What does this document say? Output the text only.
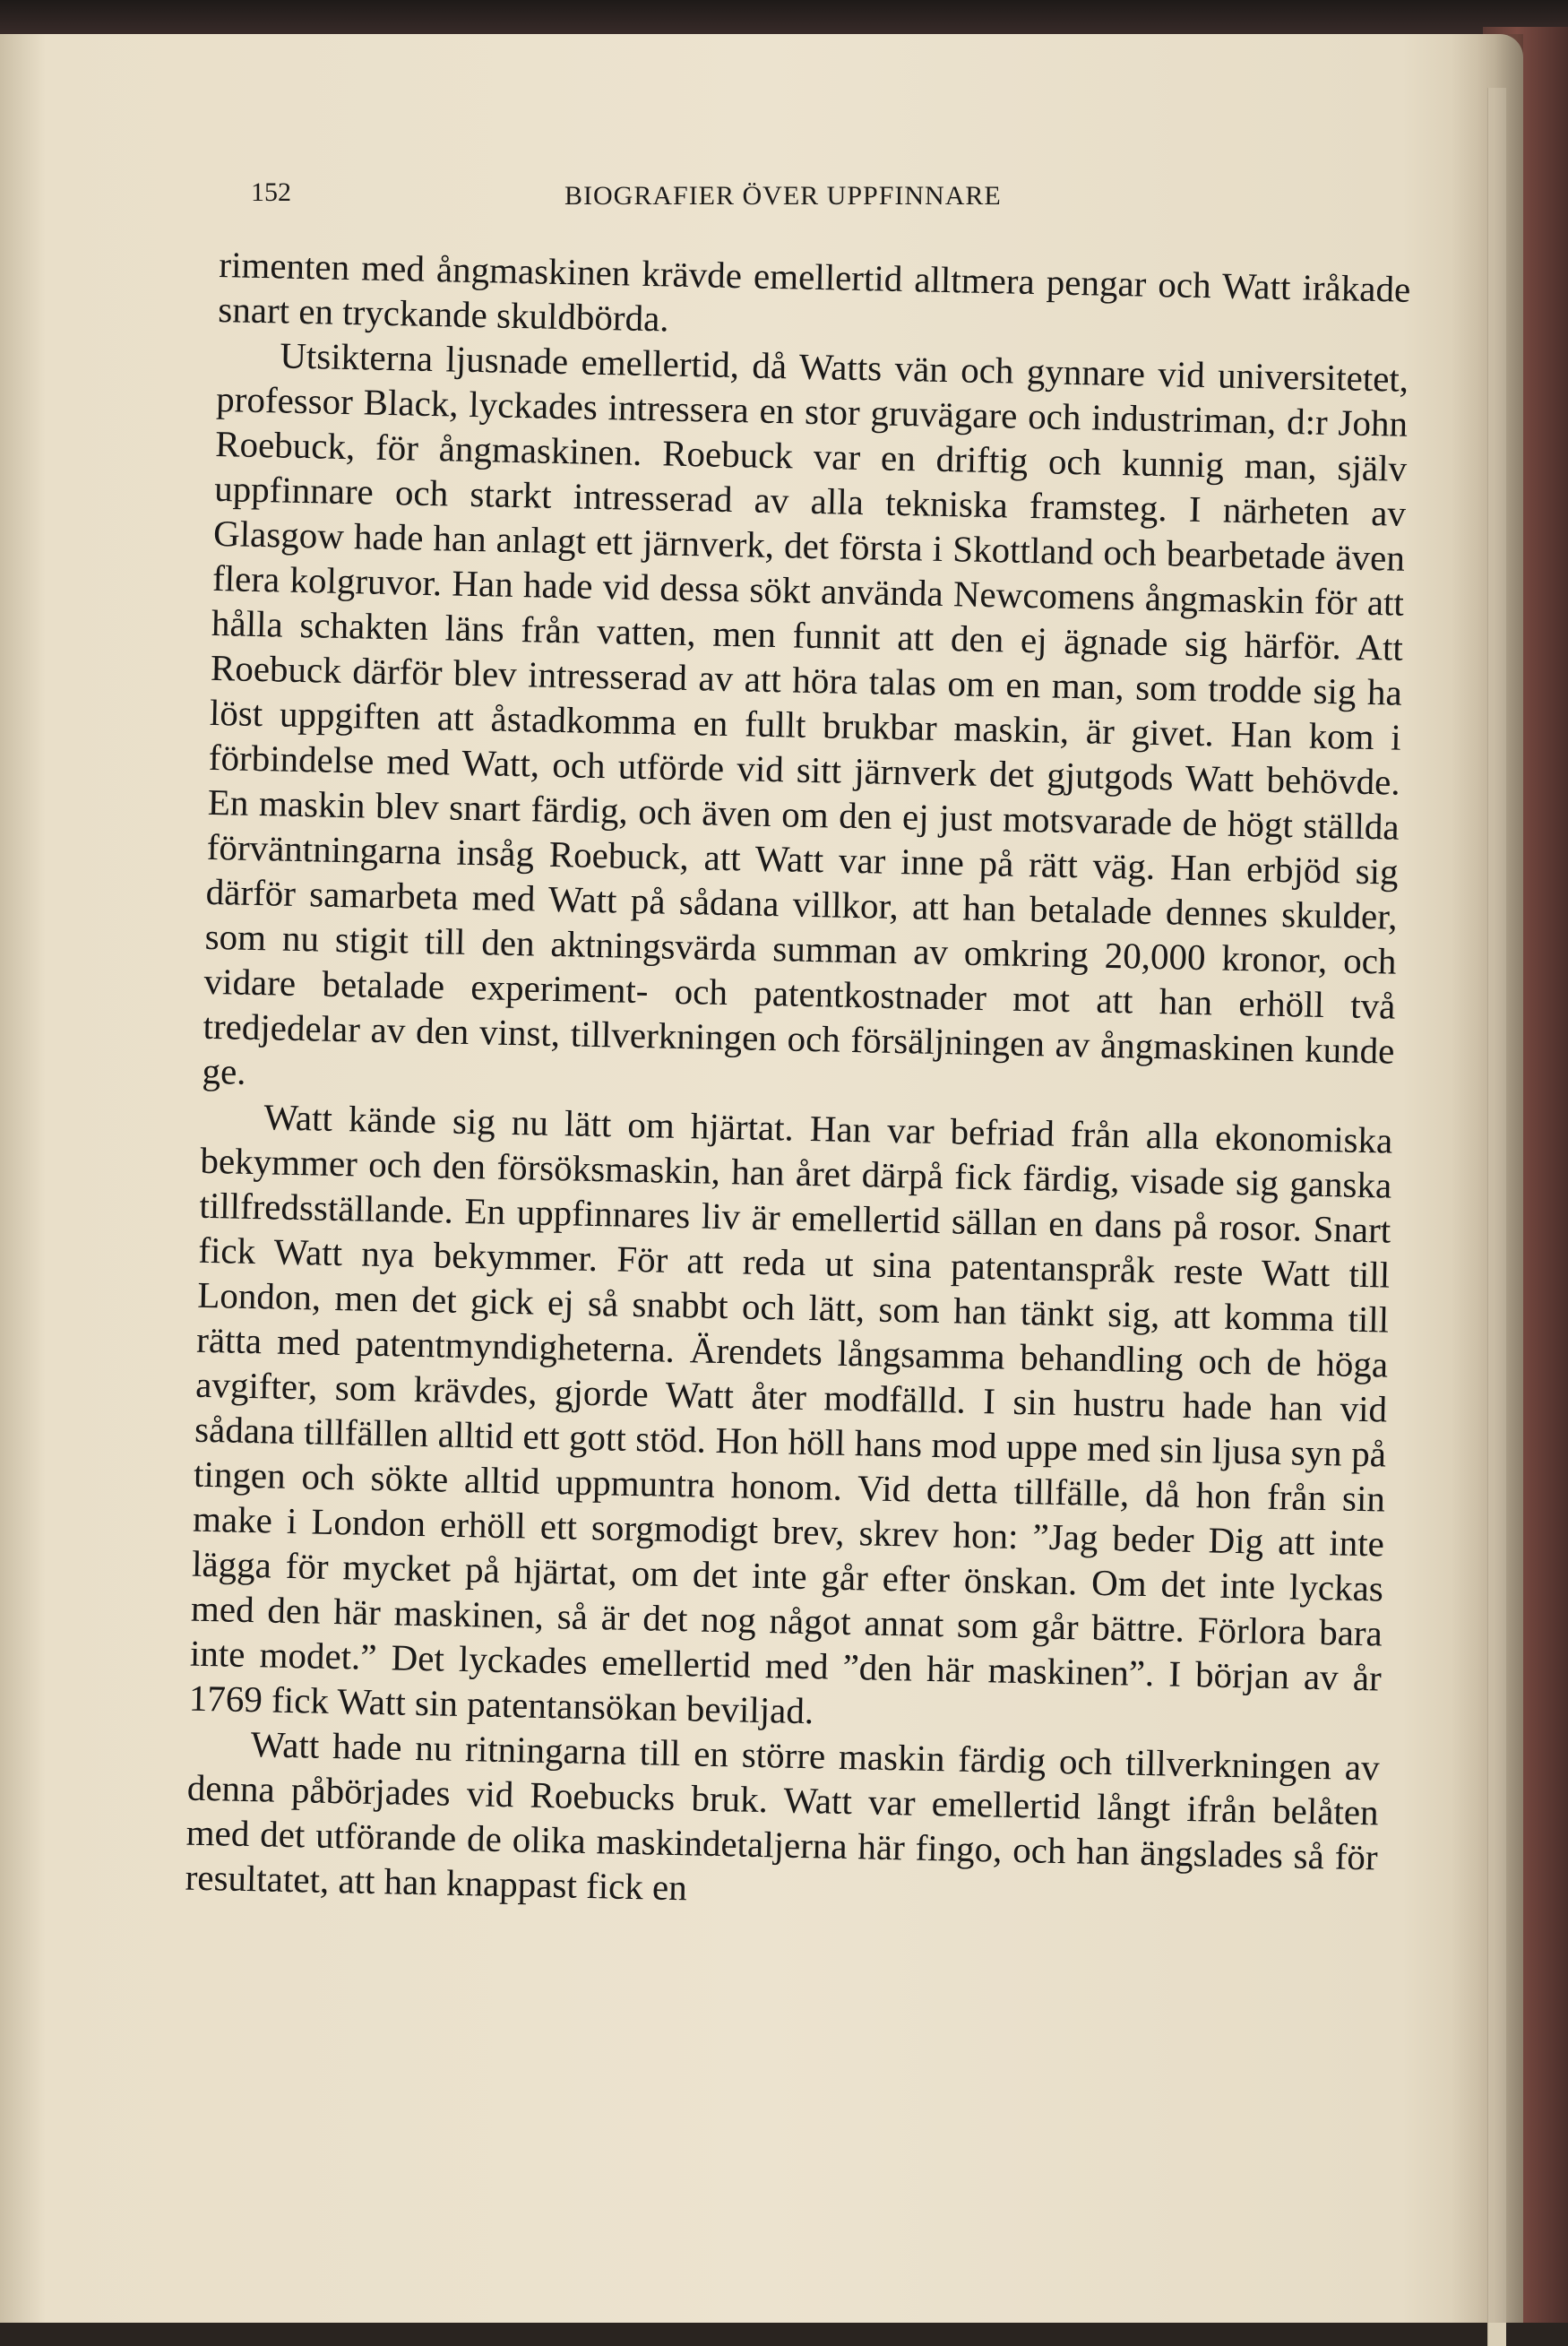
152	BIOGRAFIER ÖVER UPPFINNARE

rimenten med ångmaskinen krävde emellertid alltmera pengar och Watt iråkade snart en tryckande skuldbörda.

Utsikterna ljusnade emellertid, då Watts vän och gynnare vid universitetet, professor Black, lyckades intressera en stor gruvägare och industriman, d:r John Roebuck, för ångmaskinen. Roebuck var en driftig och kunnig man, själv uppfinnare och starkt intresserad av alla tekniska framsteg. I närheten av Glasgow hade han anlagt ett järnverk, det första i Skottland och bearbetade även flera kolgruvor. Han hade vid dessa sökt använda Newcomens ångmaskin för att hålla schakten läns från vatten, men funnit att den ej ägnade sig härför. Att Roebuck därför blev intresserad av att höra talas om en man, som trodde sig ha löst uppgiften att åstadkomma en fullt brukbar maskin, är givet. Han kom i förbindelse med Watt, och utförde vid sitt järnverk det gjutgods Watt behövde. En maskin blev snart färdig, och även om den ej just motsvarade de högt ställda förväntningarna insåg Roebuck, att Watt var inne på rätt väg. Han erbjöd sig därför samarbeta med Watt på sådana villkor, att han betalade dennes skulder, som nu stigit till den aktningsvärda summan av omkring 20,000 kronor, och vidare betalade experiment- och patentkostnader mot att han erhöll två tredjedelar av den vinst, tillverkningen och försäljningen av ångmaskinen kunde ge.

Watt kände sig nu lätt om hjärtat. Han var befriad från alla ekonomiska bekymmer och den försöksmaskin, han året därpå fick färdig, visade sig ganska tillfredsställande. En uppfinnares liv är emellertid sällan en dans på rosor. Snart fick Watt nya bekymmer. För att reda ut sina patentanspråk reste Watt till London, men det gick ej så snabbt och lätt, som han tänkt sig, att komma till rätta med patentmyndigheterna. Ärendets långsamma behandling och de höga avgifter, som krävdes, gjorde Watt åter modfälld. I sin hustru hade han vid sådana tillfällen alltid ett gott stöd. Hon höll hans mod uppe med sin ljusa syn på tingen och sökte alltid uppmuntra honom. Vid detta tillfälle, då hon från sin make i London erhöll ett sorgmodigt brev, skrev hon: ”Jag beder Dig att inte lägga för mycket på hjärtat, om det inte går efter önskan. Om det inte lyckas med den här maskinen, så är det nog något annat som går bättre. Förlora bara inte modet.” Det lyckades emellertid med ”den här maskinen”. I början av år 1769 fick Watt sin patentansökan beviljad.

Watt hade nu ritningarna till en större maskin färdig och tillverkningen av denna påbörjades vid Roebucks bruk. Watt var emellertid långt ifrån belåten med det utförande de olika maskindetaljerna här fingo, och han ängslades så för resultatet, att han knappast fick en
